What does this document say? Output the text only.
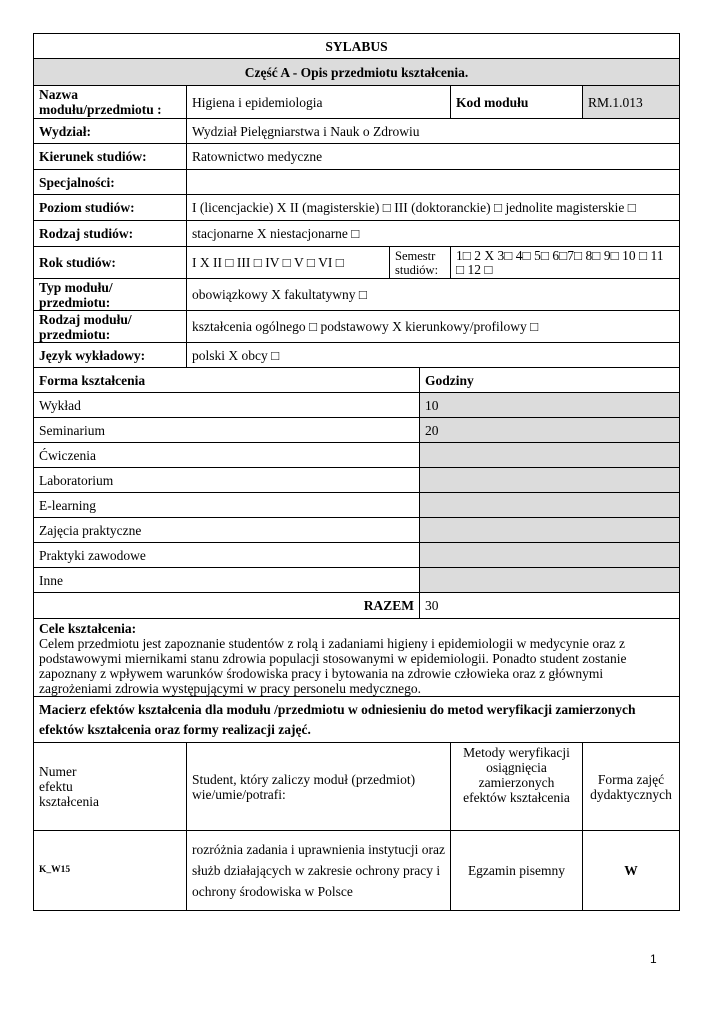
SYLABUS					
Część A - Opis przedmiotu kształcenia.					
Nazwa modułu/przedmiotu :	Higiena i epidemiologia			Kod modułu	RM.1.013
Wydział:	Wydział Pielęgniarstwa i Nauk o Zdrowiu				
Kierunek studiów:	Ratownictwo medyczne				
Specjalności:					
Poziom studiów:	I (licencjackie) X II (magisterskie) □ III (doktoranckie) □ jednolite magisterskie □				
Rodzaj studiów:	stacjonarne X niestacjonarne □				
Rok studiów:	I X II □ III □ IV □ V □ VI □	Semestr studiów:		1□ 2 X 3□ 4□ 5□ 6□7□ 8□ 9□ 10 □ 11 □ 12 □	
Typ modułu/ przedmiotu:	obowiązkowy X fakultatywny □				
Rodzaj modułu/ przedmiotu:	kształcenia ogólnego □ podstawowy X kierunkowy/profilowy □				
Język wykładowy:	polski X obcy □				
Forma kształcenia			Godziny		
Wykład			10		
Seminarium			20		
Ćwiczenia					
Laboratorium					
E-learning					
Zajęcia praktyczne					
Praktyki zawodowe					
Inne					
RAZEM			30		

Cele kształcenia:
Celem przedmiotu jest zapoznanie studentów z rolą i zadaniami higieny i epidemiologii w medycynie oraz z podstawowymi miernikami stanu zdrowia populacji stosowanymi w epidemiologii. Ponadto student zostanie zapoznany z wpływem warunków środowiska pracy i bytowania na zdrowie człowieka oraz z głównymi zagrożeniami zdrowia występującymi w pracy personelu medycznego.					

Macierz efektów kształcenia dla modułu /przedmiotu w odniesieniu do metod weryfikacji zamierzonych efektów kształcenia oraz formy realizacji zajęć.					

Numer efektu kształcenia	Student, który zaliczy moduł (przedmiot) wie/umie/potrafi:			Metody weryfikacji osiągnięcia zamierzonych efektów kształcenia	Forma zajęć dydaktycznych
K_W15	rozróżnia zadania i uprawnienia instytucji oraz służb działających w zakresie ochrony pracy i ochrony środowiska w Polsce			Egzamin pisemny	W
1
